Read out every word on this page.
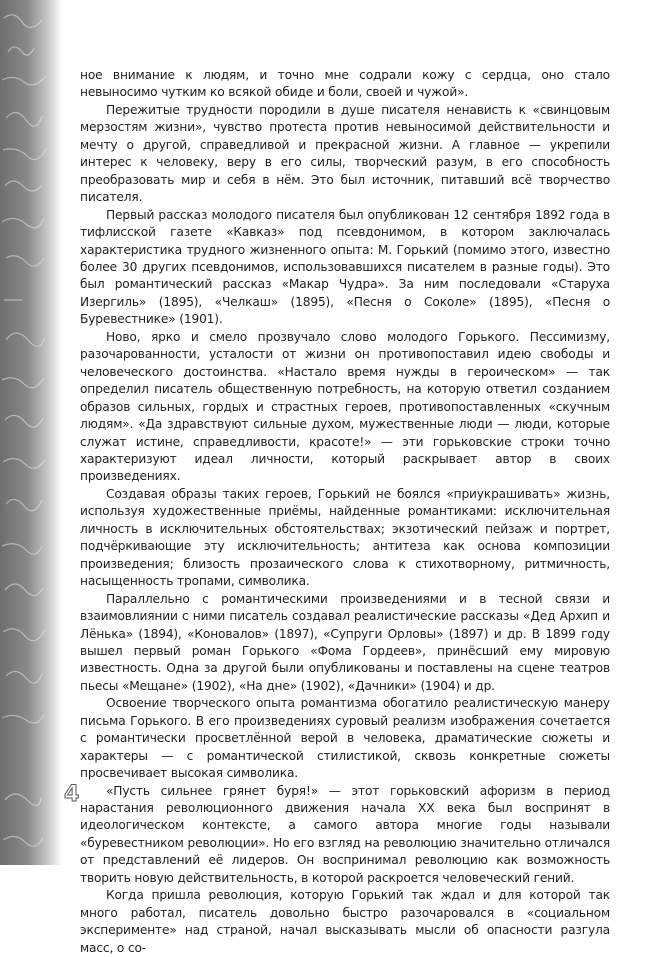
ное внимание к людям, и точно мне содрали кожу с сердца, оно стало невыносимо чутким ко всякой обиде и боли, своей и чужой».

Пережитые трудности породили в душе писателя ненависть к «свинцовым мерзостям жизни», чувство протеста против невыносимой действительности и мечту о другой, справедливой и прекрасной жизни. А главное — укрепили интерес к человеку, веру в его силы, творческий разум, в его способность преобразовать мир и себя в нём. Это был источник, питавший всё творчество писателя.

Первый рассказ молодого писателя был опубликован 12 сентября 1892 года в тифлисской газете «Кавказ» под псевдонимом, в котором заключалась характеристика трудного жизненного опыта: М. Горький (помимо этого, известно более 30 других псевдонимов, использовавшихся писателем в разные годы). Это был романтический рассказ «Макар Чудра». За ним последовали «Старуха Изергиль» (1895), «Челкаш» (1895), «Песня о Соколе» (1895), «Песня о Буревестнике» (1901).

Ново, ярко и смело прозвучало слово молодого Горького. Пессимизму, разочарованности, усталости от жизни он противопоставил идею свободы и человеческого достоинства. «Настало время нужды в героическом» — так определил писатель общественную потребность, на которую ответил созданием образов сильных, гордых и страстных героев, противопоставленных «скучным людям». «Да здравствуют сильные духом, мужественные люди — люди, которые служат истине, справедливости, красоте!» — эти горьковские строки точно характеризуют идеал личности, который раскрывает автор в своих произведениях.

Создавая образы таких героев, Горький не боялся «приукрашивать» жизнь, используя художественные приёмы, найденные романтиками: исключительная личность в исключительных обстоятельствах; экзотический пейзаж и портрет, подчёркивающие эту исключительность; антитеза как основа композиции произведения; близость прозаического слова к стихотворному, ритмичность, насыщенность тропами, символика.

Параллельно с романтическими произведениями и в тесной связи и взаимовлиянии с ними писатель создавал реалистические рассказы «Дед Архип и Лёнька» (1894), «Коновалов» (1897), «Супруги Орловы» (1897) и др. В 1899 году вышел первый роман Горького «Фома Гордеев», принёсший ему мировую известность. Одна за другой были опубликованы и поставлены на сцене театров пьесы «Мещане» (1902), «На дне» (1902), «Дачники» (1904) и др.

Освоение творческого опыта романтизма обогатило реалистическую манеру письма Горького. В его произведениях суровый реализм изображения сочетается с романтически просветлённой верой в человека, драматические сюжеты и характеры — с романтической стилистикой, сквозь конкретные сюжеты просвечивает высокая символика.

«Пусть сильнее грянет буря!» — этот горьковский афоризм в период нарастания революционного движения начала XX века был воспринят в идеологическом контексте, а самого автора многие годы называли «буревестником революции». Но его взгляд на революцию значительно отличался от представлений её лидеров. Он воспринимал революцию как возможность творить новую действительность, в которой раскроется человеческий гений.

Когда пришла революция, которую Горький так ждал и для которой так много работал, писатель довольно быстро разочаровался в «социальном эксперименте» над страной, начал высказывать мысли об опасности разгула масс, о со-

4
